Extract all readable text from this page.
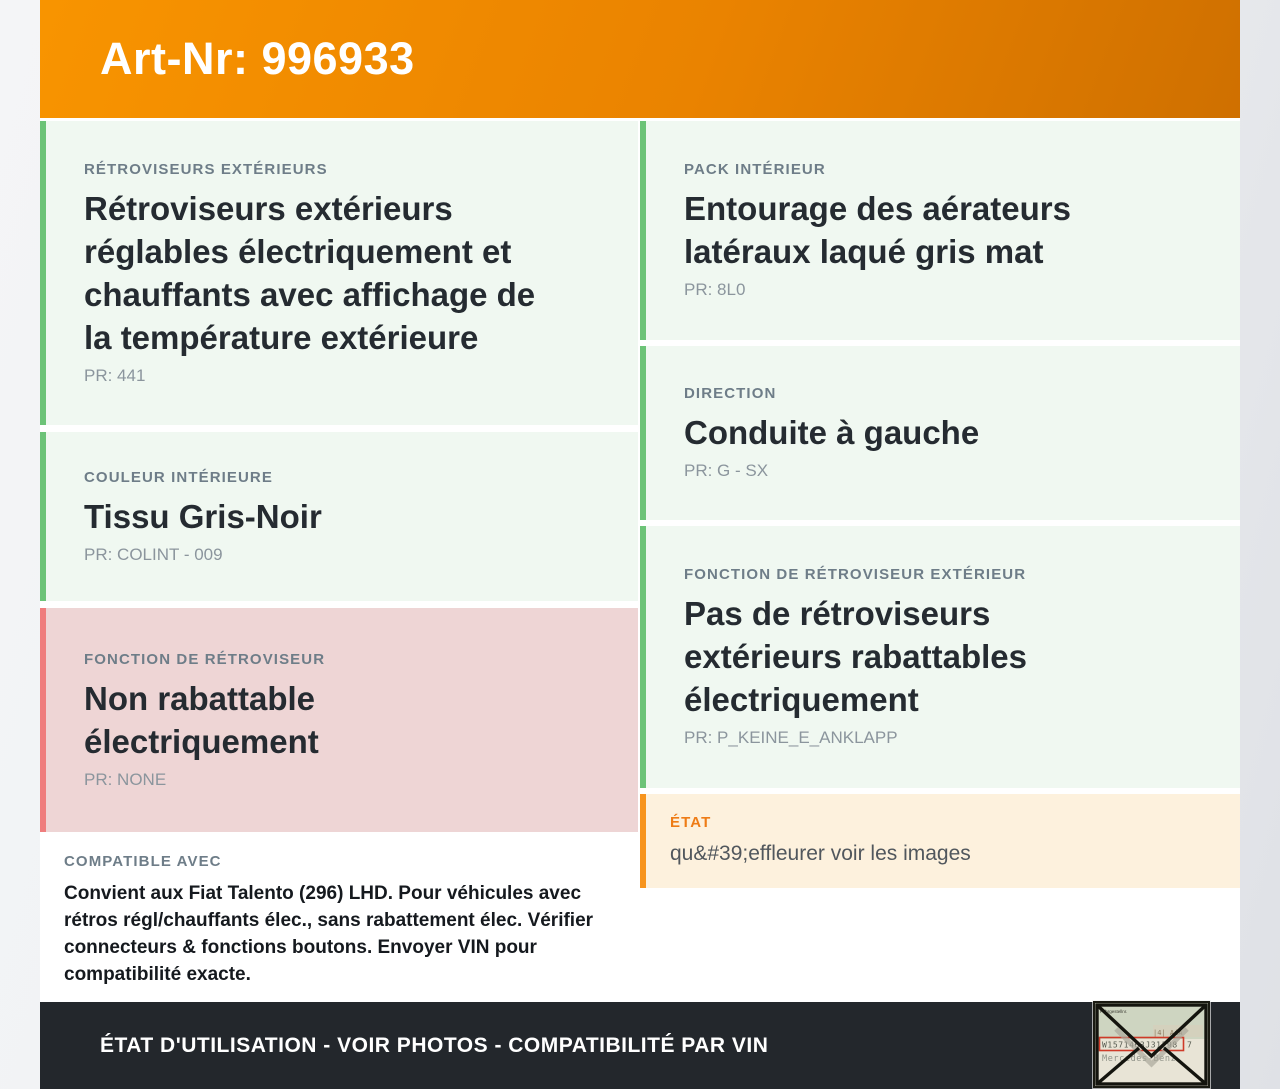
Art-Nr: 996933
RÉTROVISEURS EXTÉRIEURS
Rétroviseurs extérieurs réglables électriquement et chauffants avec affichage de la température extérieure
PR: 441
COULEUR INTÉRIEURE
Tissu Gris-Noir
PR: COLINT - 009
FONCTION DE RÉTROVISEUR
Non rabattable électriquement
PR: NONE
COMPATIBLE AVEC

Convient aux Fiat Talento (296) LHD. Pour véhicules avec rétros régl/chauffants élec., sans rabattement élec. Vérifier connecteurs & fonctions boutons. Envoyer VIN pour compatibilité exacte.

PACK INTÉRIEUR
Entourage des aérateurs latéraux laqué gris mat
PR: 8L0
DIRECTION
Conduite à gauche
PR: G - SX
FONCTION DE RÉTROVISEUR EXTÉRIEUR
Pas de rétroviseurs extérieurs rabattables électriquement
PR: P_KEINE_E_ANKLAPP
ÉTAT

qu&#39;effleurer voir les images

ÉTAT D'UTILISATION - VOIR PHOTOS - COMPATIBILITÉ PAR VIN
Fahrgestellnr.
|4| AiA
W1571463J31298 7
Mercedes-Benz
